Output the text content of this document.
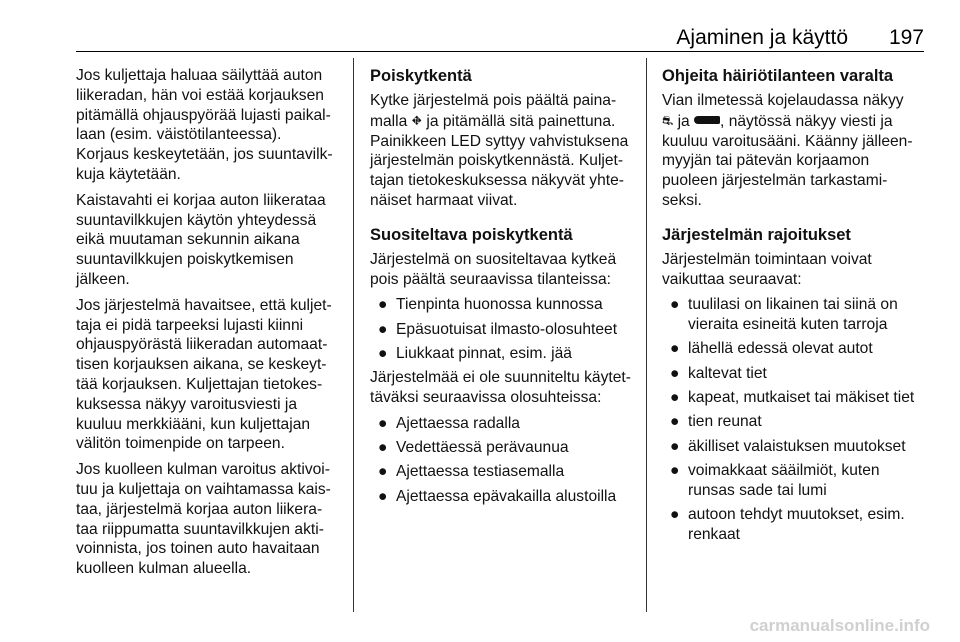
Ajaminen ja käyttö 197

Jos kuljettaja haluaa säilyttää auton
liikeradan, hän voi estää korjauksen
pitämällä ohjauspyörää lujasti paikal‐
laan (esim. väistötilanteessa).
Korjaus keskeytetään, jos suuntavilk‐
kuja käytetään.

Kaistavahti ei korjaa auton liikerataa
suuntavilkkujen käytön yhteydessä
eikä muutaman sekunnin aikana
suuntavilkkujen poiskytkemisen
jälkeen.

Jos järjestelmä havaitsee, että kuljet‐
taja ei pidä tarpeeksi lujasti kiinni
ohjauspyörästä liikeradan automaat‐
tisen korjauksen aikana, se keskeyt‐
tää korjauksen. Kuljettajan tietokes‐
kuksessa näkyy varoitusviesti ja
kuuluu merkkiääni, kun kuljettajan
välitön toimenpide on tarpeen.

Jos kuolleen kulman varoitus aktivoi‐
tuu ja kuljettaja on vaihtamassa kais‐
taa, järjestelmä korjaa auton liikera‐
taa riippumatta suuntavilkkujen akti‐
voinnista, jos toinen auto havaitaan
kuolleen kulman alueella.

Poiskytkentä

Kytke järjestelmä pois päältä paina‐
malla ⛖ ja pitämällä sitä painettuna.
Painikkeen LED syttyy vahvistuksena
järjestelmän poiskytkennästä. Kuljet‐
tajan tietokeskuksessa näkyvät yhte‐
näiset harmaat viivat.

Suositeltava poiskytkentä

Järjestelmä on suositeltavaa kytkeä
pois päältä seuraavissa tilanteissa:

● Tienpinta huonossa kunnossa
● Epäsuotuisat ilmasto-olosuhteet
● Liukkaat pinnat, esim. jää

Järjestelmää ei ole suunniteltu käytet‐
täväksi seuraavissa olosuhteissa:

● Ajettaessa radalla
● Vedettäessä perävaunua
● Ajettaessa testiasemalla
● Ajettaessa epävakailla alustoilla
Ohjeita häiriötilanteen varalta

Vian ilmetessä kojelaudassa näkyy
⛐ ja , näytössä näkyy viesti ja
kuuluu varoitusääni. Käänny jälleen‐
myyjän tai pätevän korjaamon
puoleen järjestelmän tarkastami‐
seksi.

Järjestelmän rajoitukset

Järjestelmän toimintaan voivat
vaikuttaa seuraavat:

● tuulilasi on likainen tai siinä on
vieraita esineitä kuten tarroja
● lähellä edessä olevat autot
● kaltevat tiet
● kapeat, mutkaiset tai mäkiset tiet
● tien reunat
● äkilliset valaistuksen muutokset
● voimakkaat sääilmiöt, kuten
runsas sade tai lumi
● autoon tehdyt muutokset, esim.
renkaat
carmanualsonline.info
